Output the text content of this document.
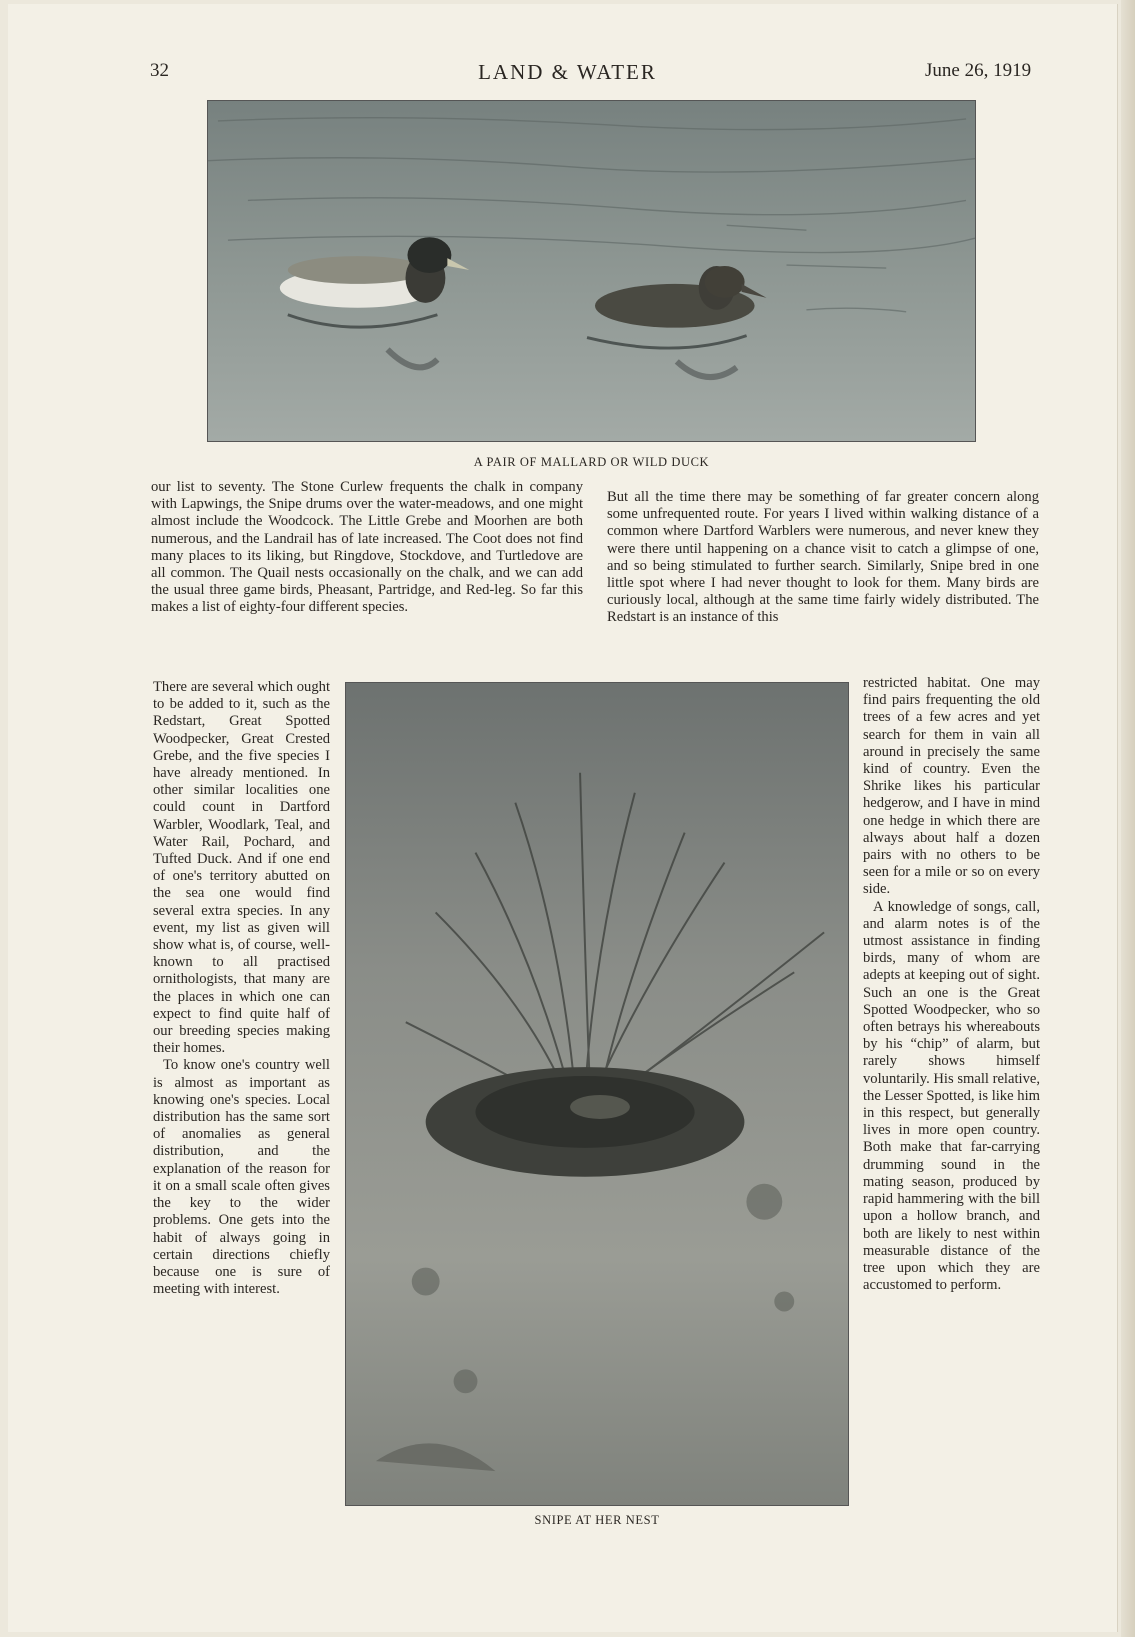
32	LAND & WATER	June 26, 1919
A PAIR OF MALLARD OR WILD DUCK

our list to seventy. The Stone Curlew frequents the chalk in company with Lapwings, the Snipe drums over the water-meadows, and one might almost include the Woodcock. The Little Grebe and Moorhen are both numerous, and the Landrail has of late increased. The Coot does not find many places to its liking, but Ringdove, Stockdove, and Turtledove are all common. The Quail nests occasionally on the chalk, and we can add the usual three game birds, Pheasant, Partridge, and Red-leg. So far this makes a list of eighty-four different species.

But all the time there may be something of far greater concern along some unfrequented route. For years I lived within walking distance of a common where Dartford Warblers were numerous, and never knew they were there until happening on a chance visit to catch a glimpse of one, and so being stimulated to further search. Similarly, Snipe bred in one little spot where I had never thought to look for them. Many birds are curiously local, although at the same time fairly widely distributed. The Redstart is an instance of this

SNIPE AT HER NEST

There are several which ought to be added to it, such as the Redstart, Great Spotted Woodpecker, Great Crested Grebe, and the five species I have already mentioned. In other similar localities one could count in Dartford Warbler, Woodlark, Teal, and Water Rail, Pochard, and Tufted Duck. And if one end of one's territory abutted on the sea one would find several extra species. In any event, my list as given will show what is, of course, well-known to all practised ornithologists, that many are the places in which one can expect to find quite half of our breeding species making their homes.

To know one's country well is almost as important as knowing one's species. Local distribution has the same sort of anomalies as general distribution, and the explanation of the reason for it on a small scale often gives the key to the wider problems. One gets into the habit of always going in certain directions chiefly because one is sure of meeting with interest.

restricted habitat. One may find pairs frequenting the old trees of a few acres and yet search for them in vain all around in precisely the same kind of country. Even the Shrike likes his particular hedgerow, and I have in mind one hedge in which there are always about half a dozen pairs with no others to be seen for a mile or so on every side.

A knowledge of songs, call, and alarm notes is of the utmost assistance in finding birds, many of whom are adepts at keeping out of sight. Such an one is the Great Spotted Woodpecker, who so often betrays his whereabouts by his “chip” of alarm, but rarely shows himself voluntarily. His small relative, the Lesser Spotted, is like him in this respect, but generally lives in more open country. Both make that far-carrying drumming sound in the mating season, produced by rapid hammering with the bill upon a hollow branch, and both are likely to nest within measurable distance of the tree upon which they are accustomed to perform.
